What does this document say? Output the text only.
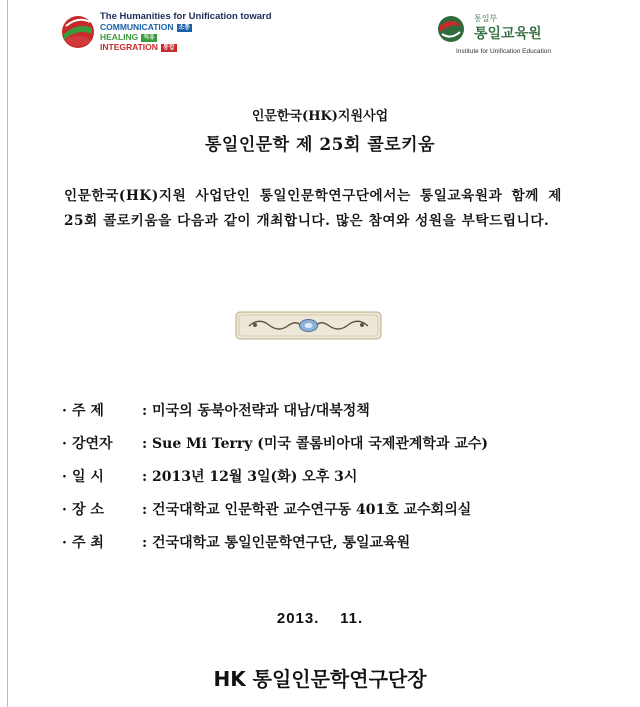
The Humanities for Unification toward
COMMUNICATION 소통
HEALING 치유
INTEGRATION 통합
통일부
통일교육원
Institute for Unification Education
인문한국(HK)지원사업
통일인문학 제 25회 콜로키움
인문한국(HK)지원 사업단인 통일인문학연구단에서는 통일교육원과 함께 제25회 콜로키움을 다음과 같이 개최합니다. 많은 참여와 성원을 부탁드립니다.
· 주 제	: 미국의 동북아전략과 대남/대북정책
· 강연자 : Sue Mi Terry (미국 콜롬비아대 국제관계학과 교수)
· 일 시	: 2013년 12월 3일(화) 오후 3시
· 장 소	: 건국대학교 인문학관 교수연구동 401호 교수회의실
· 주 최	: 건국대학교 통일인문학연구단, 통일교육원
2013. 11.
HK 통일인문학연구단장
